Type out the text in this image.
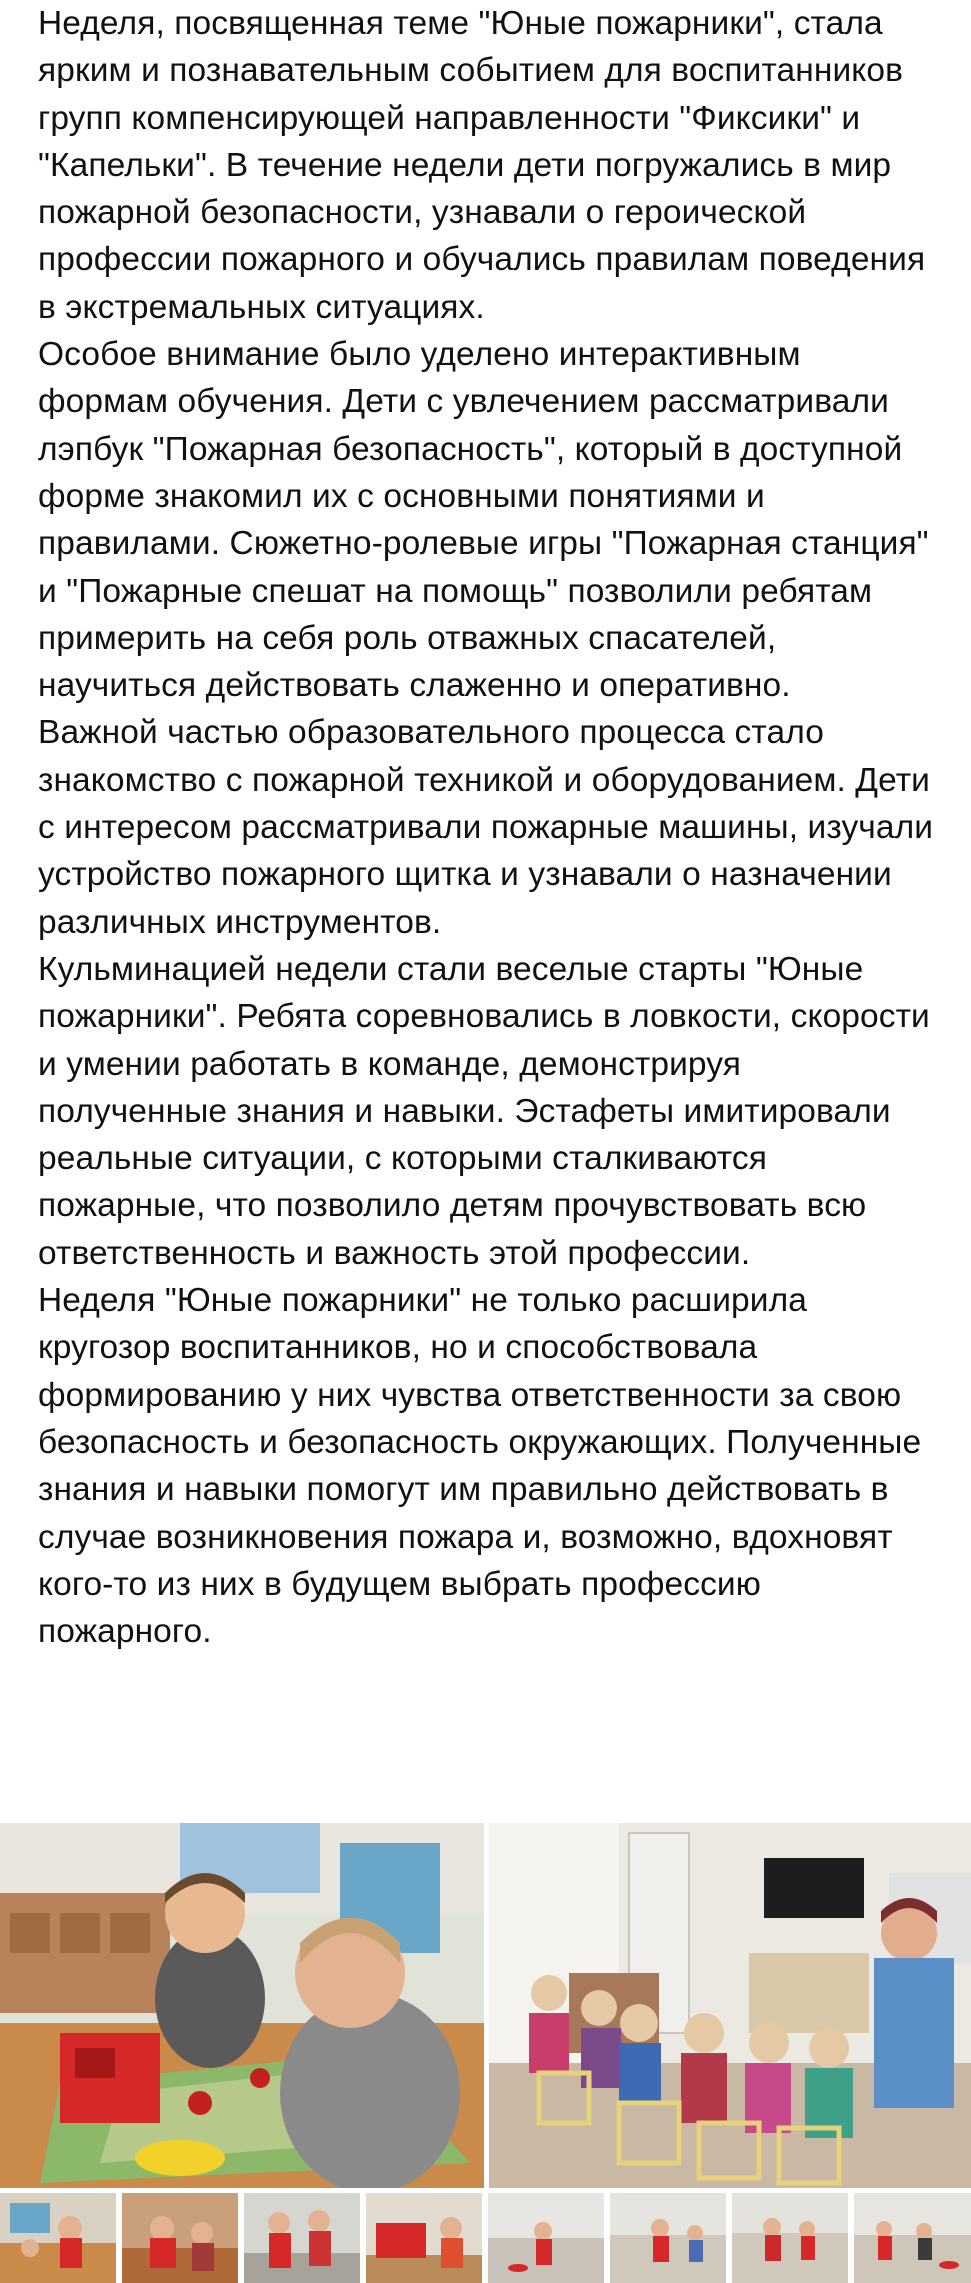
Неделя, посвященная теме "Юные пожарники", стала ярким и познавательным событием для воспитанников групп компенсирующей направленности "Фиксики" и "Капельки". В течение недели дети погружались в мир пожарной безопасности, узнавали о героической профессии пожарного и обучались правилам поведения в экстремальных ситуациях.

Особое внимание было уделено интерактивным формам обучения. Дети с увлечением рассматривали лэпбук "Пожарная безопасность", который в доступной форме знакомил их с основными понятиями и правилами. Сюжетно-ролевые игры "Пожарная станция" и "Пожарные спешат на помощь" позволили ребятам примерить на себя роль отважных спасателей, научиться действовать слаженно и оперативно.

Важной частью образовательного процесса стало знакомство с пожарной техникой и оборудованием. Дети с интересом рассматривали пожарные машины, изучали устройство пожарного щитка и узнавали о назначении различных инструментов.

Кульминацией недели стали веселые старты "Юные пожарники". Ребята соревновались в ловкости, скорости и умении работать в команде, демонстрируя полученные знания и навыки. Эстафеты имитировали реальные ситуации, с которыми сталкиваются пожарные, что позволило детям прочувствовать всю ответственность и важность этой профессии.

Неделя "Юные пожарники" не только расширила кругозор воспитанников, но и способствовала формированию у них чувства ответственности за свою безопасность и безопасность окружающих. Полученные знания и навыки помогут им правильно действовать в случае возникновения пожара и, возможно, вдохновят кого-то из них в будущем выбрать профессию пожарного.
